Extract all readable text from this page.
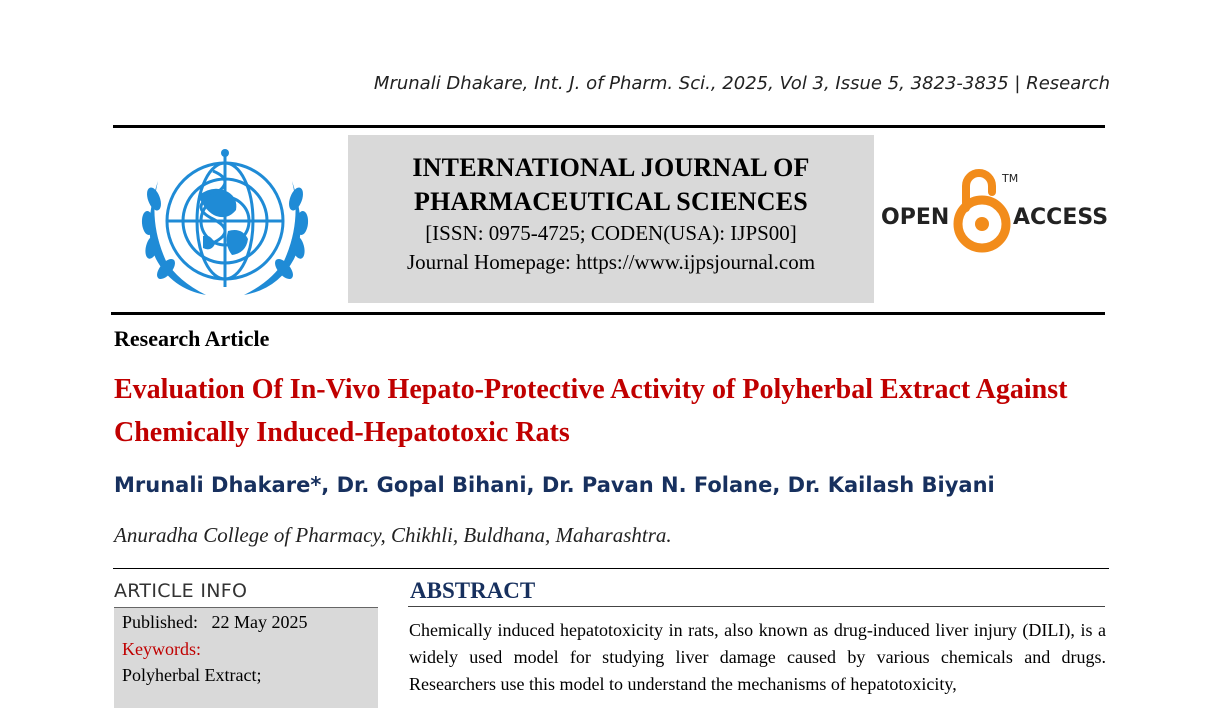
Mrunali Dhakare, Int. J. of Pharm. Sci., 2025, Vol 3, Issue 5, 3823-3835 | Research
INTERNATIONAL JOURNAL OF
PHARMACEUTICAL SCIENCES
[ISSN: 0975-4725; CODEN(USA): IJPS00]
Journal Homepage: https://www.ijpsjournal.com
OPEN	ACCESS
TM
Research Article
Evaluation Of In-Vivo Hepato-Protective Activity of Polyherbal Extract Against Chemically Induced-Hepatotoxic Rats
Mrunali Dhakare*, Dr. Gopal Bihani, Dr. Pavan N. Folane, Dr. Kailash Biyani
Anuradha College of Pharmacy, Chikhli, Buldhana, Maharashtra.
ARTICLE INFO
Published: 22 May 2025
Keywords:
Polyherbal Extract;
ABSTRACT
Chemically induced hepatotoxicity in rats, also known as drug-induced liver injury (DILI), is a widely used model for studying liver damage caused by various chemicals and drugs. Researchers use this model to understand the mechanisms of hepatotoxicity,
